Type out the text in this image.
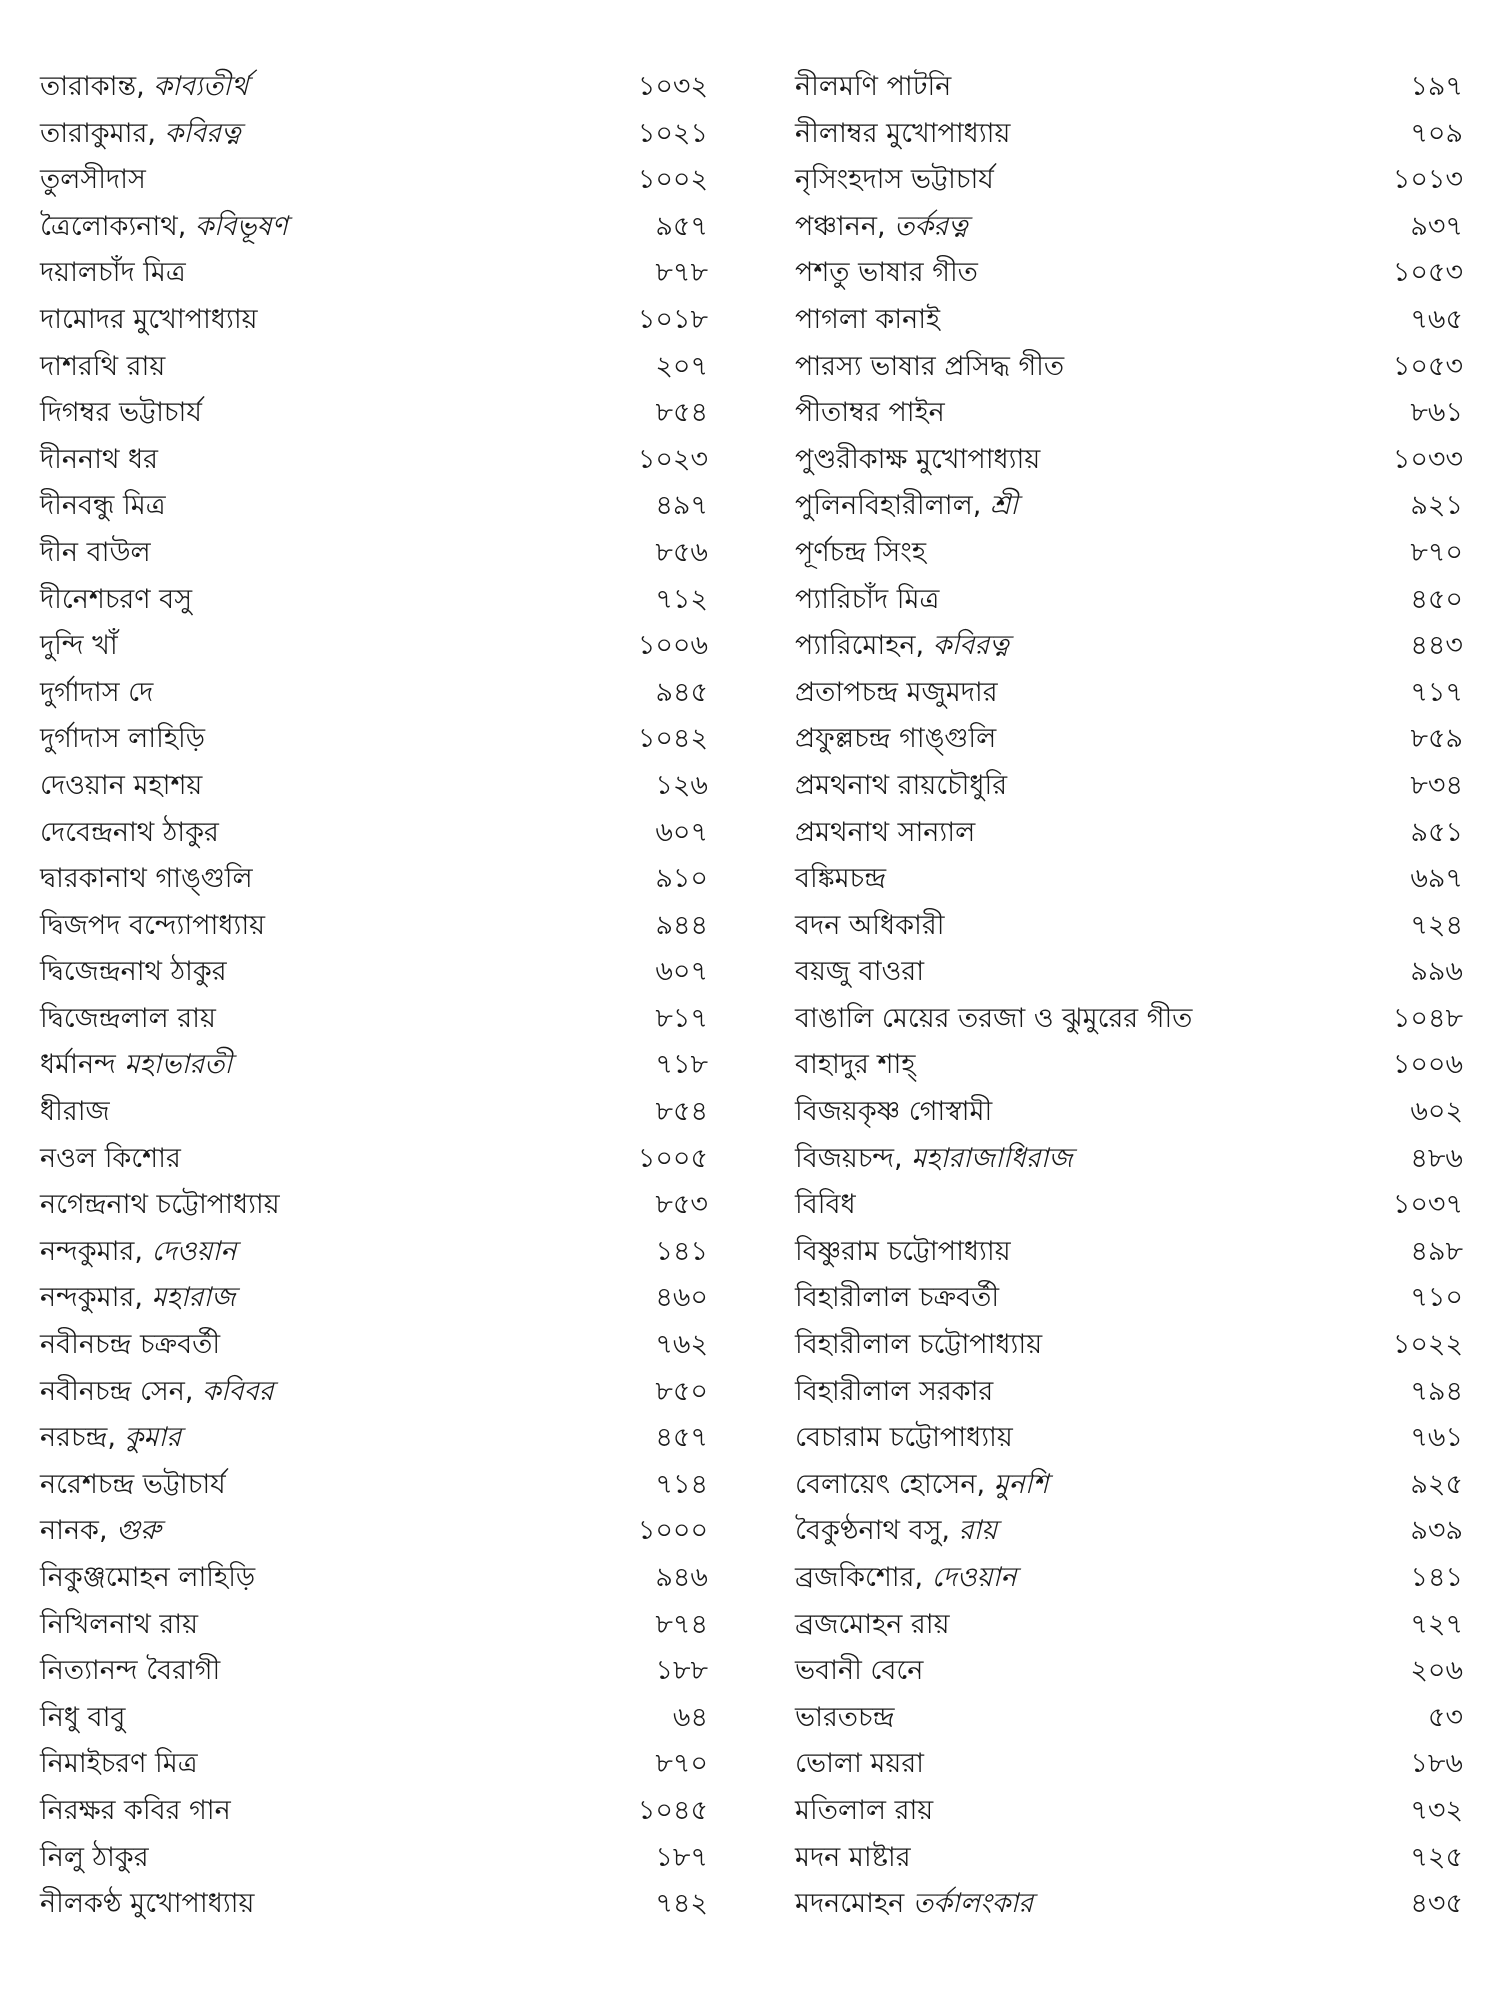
তারাকান্ত, কাব্যতীর্থ	১০৩২
তারাকুমার, কবিরত্ন	১০২১
তুলসীদাস	১০০২
ত্রৈলোক্যনাথ, কবিভূষণ	৯৫৭
দয়ালচাঁদ মিত্র	৮৭৮
দামোদর মুখোপাধ্যায়	১০১৮
দাশরথি রায়	২০৭
দিগম্বর ভট্টাচার্য	৮৫৪
দীননাথ ধর	১০২৩
দীনবন্ধু মিত্র	৪৯৭
দীন বাউল	৮৫৬
দীনেশচরণ বসু	৭১২
দুন্দি খাঁ	১০০৬
দুর্গাদাস দে	৯৪৫
দুর্গাদাস লাহিড়ি	১০৪২
দেওয়ান মহাশয়	১২৬
দেবেন্দ্রনাথ ঠাকুর	৬০৭
দ্বারকানাথ গাঙ্গুলি	৯১০
দ্বিজপদ বন্দ্যোপাধ্যায়	৯৪৪
দ্বিজেন্দ্রনাথ ঠাকুর	৬০৭
দ্বিজেন্দ্রলাল রায়	৮১৭
ধর্মানন্দ মহাভারতী	৭১৮
ধীরাজ	৮৫৪
নওল কিশোর	১০০৫
নগেন্দ্রনাথ চট্টোপাধ্যায়	৮৫৩
নন্দকুমার, দেওয়ান	১৪১
নন্দকুমার, মহারাজ	৪৬০
নবীনচন্দ্র চক্রবর্তী	৭৬২
নবীনচন্দ্র সেন, কবিবর	৮৫০
নরচন্দ্র, কুমার	৪৫৭
নরেশচন্দ্র ভট্টাচার্য	৭১৪
নানক, গুরু	১০০০
নিকুঞ্জমোহন লাহিড়ি	৯৪৬
নিখিলনাথ রায়	৮৭৪
নিত্যানন্দ বৈরাগী	১৮৮
নিধু বাবু	৬৪
নিমাইচরণ মিত্র	৮৭০
নিরক্ষর কবির গান	১০৪৫
নিলু ঠাকুর	১৮৭
নীলকণ্ঠ মুখোপাধ্যায়	৭৪২
নীলমণি পাটনি	১৯৭
নীলাম্বর মুখোপাধ্যায়	৭০৯
নৃসিংহদাস ভট্টাচার্য	১০১৩
পঞ্চানন, তর্করত্ন	৯৩৭
পশতু ভাষার গীত	১০৫৩
পাগলা কানাই	৭৬৫
পারস্য ভাষার প্রসিদ্ধ গীত	১০৫৩
পীতাম্বর পাইন	৮৬১
পুণ্ডরীকাক্ষ মুখোপাধ্যায়	১০৩৩
পুলিনবিহারীলাল, শ্রী	৯২১
পূর্ণচন্দ্র সিংহ	৮৭০
প্যারিচাঁদ মিত্র	৪৫০
প্যারিমোহন, কবিরত্ন	৪৪৩
প্রতাপচন্দ্র মজুমদার	৭১৭
প্রফুল্লচন্দ্র গাঙ্গুলি	৮৫৯
প্রমথনাথ রায়চৌধুরি	৮৩৪
প্রমথনাথ সান্যাল	৯৫১
বঙ্কিমচন্দ্র	৬৯৭
বদন অধিকারী	৭২৪
বয়জু বাওরা	৯৯৬
বাঙালি মেয়ের তরজা ও ঝুমুরের গীত	১০৪৮
বাহাদুর শাহ্	১০০৬
বিজয়কৃষ্ণ গোস্বামী	৬০২
বিজয়চন্দ, মহারাজাধিরাজ	৪৮৬
বিবিধ	১০৩৭
বিষ্ণুরাম চট্টোপাধ্যায়	৪৯৮
বিহারীলাল চক্রবর্তী	৭১০
বিহারীলাল চট্টোপাধ্যায়	১০২২
বিহারীলাল সরকার	৭৯৪
বেচারাম চট্টোপাধ্যায়	৭৬১
বেলায়েৎ হোসেন, মুনশি	৯২৫
বৈকুণ্ঠনাথ বসু, রায়	৯৩৯
ব্রজকিশোর, দেওয়ান	১৪১
ব্রজমোহন রায়	৭২৭
ভবানী বেনে	২০৬
ভারতচন্দ্র	৫৩
ভোলা ময়রা	১৮৬
মতিলাল রায়	৭৩২
মদন মাষ্টার	৭২৫
মদনমোহন তর্কালংকার	৪৩৫
